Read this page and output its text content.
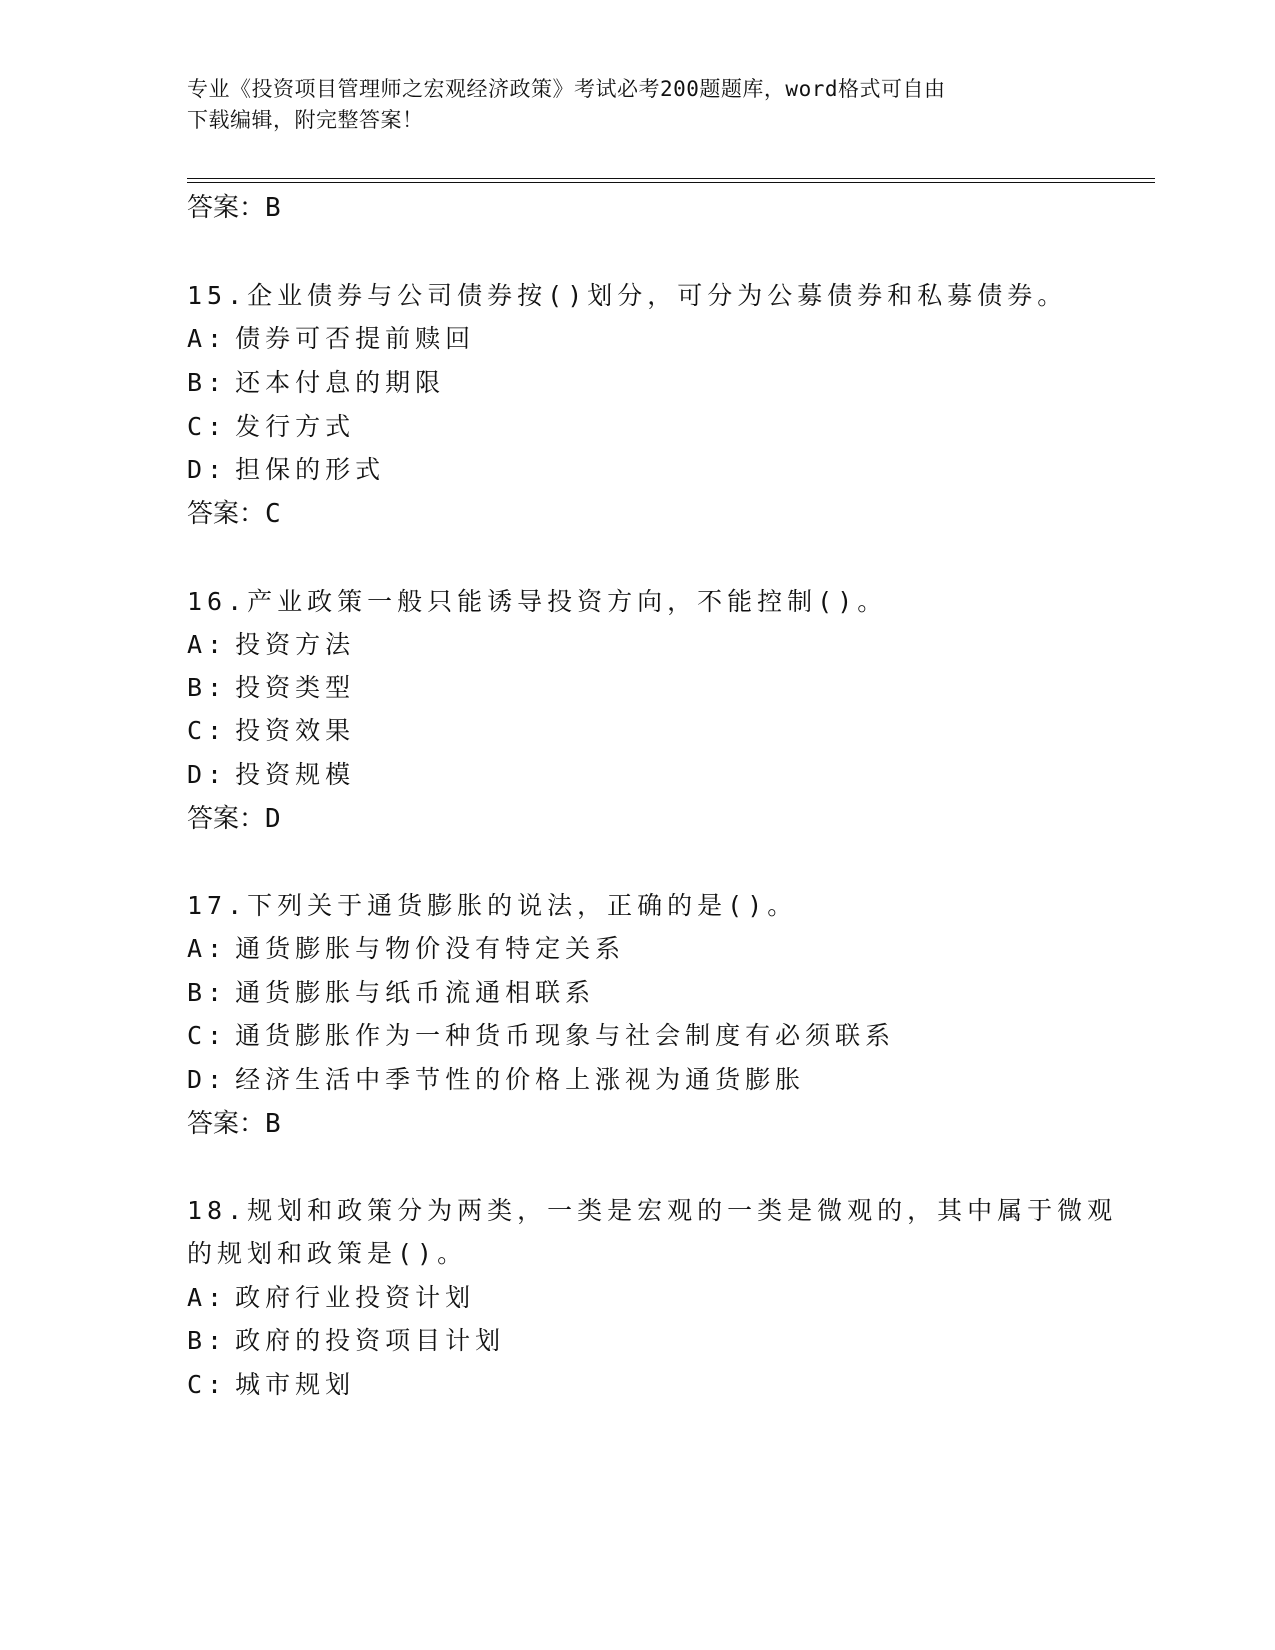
专业《投资项目管理师之宏观经济政策》考试必考200题题库，word格式可自由
下载编辑，附完整答案！
答案：B
15.企业债券与公司债券按()划分，可分为公募债券和私募债券。
A: 债券可否提前赎回
B: 还本付息的期限
C: 发行方式
D: 担保的形式
答案：C
16.产业政策一般只能诱导投资方向，不能控制()。
A: 投资方法
B: 投资类型
C: 投资效果
D: 投资规模
答案：D
17.下列关于通货膨胀的说法，正确的是()。
A: 通货膨胀与物价没有特定关系
B: 通货膨胀与纸币流通相联系
C: 通货膨胀作为一种货币现象与社会制度有必须联系
D: 经济生活中季节性的价格上涨视为通货膨胀
答案：B
18.规划和政策分为两类，一类是宏观的一类是微观的，其中属于微观
的规划和政策是()。
A: 政府行业投资计划
B: 政府的投资项目计划
C: 城市规划
